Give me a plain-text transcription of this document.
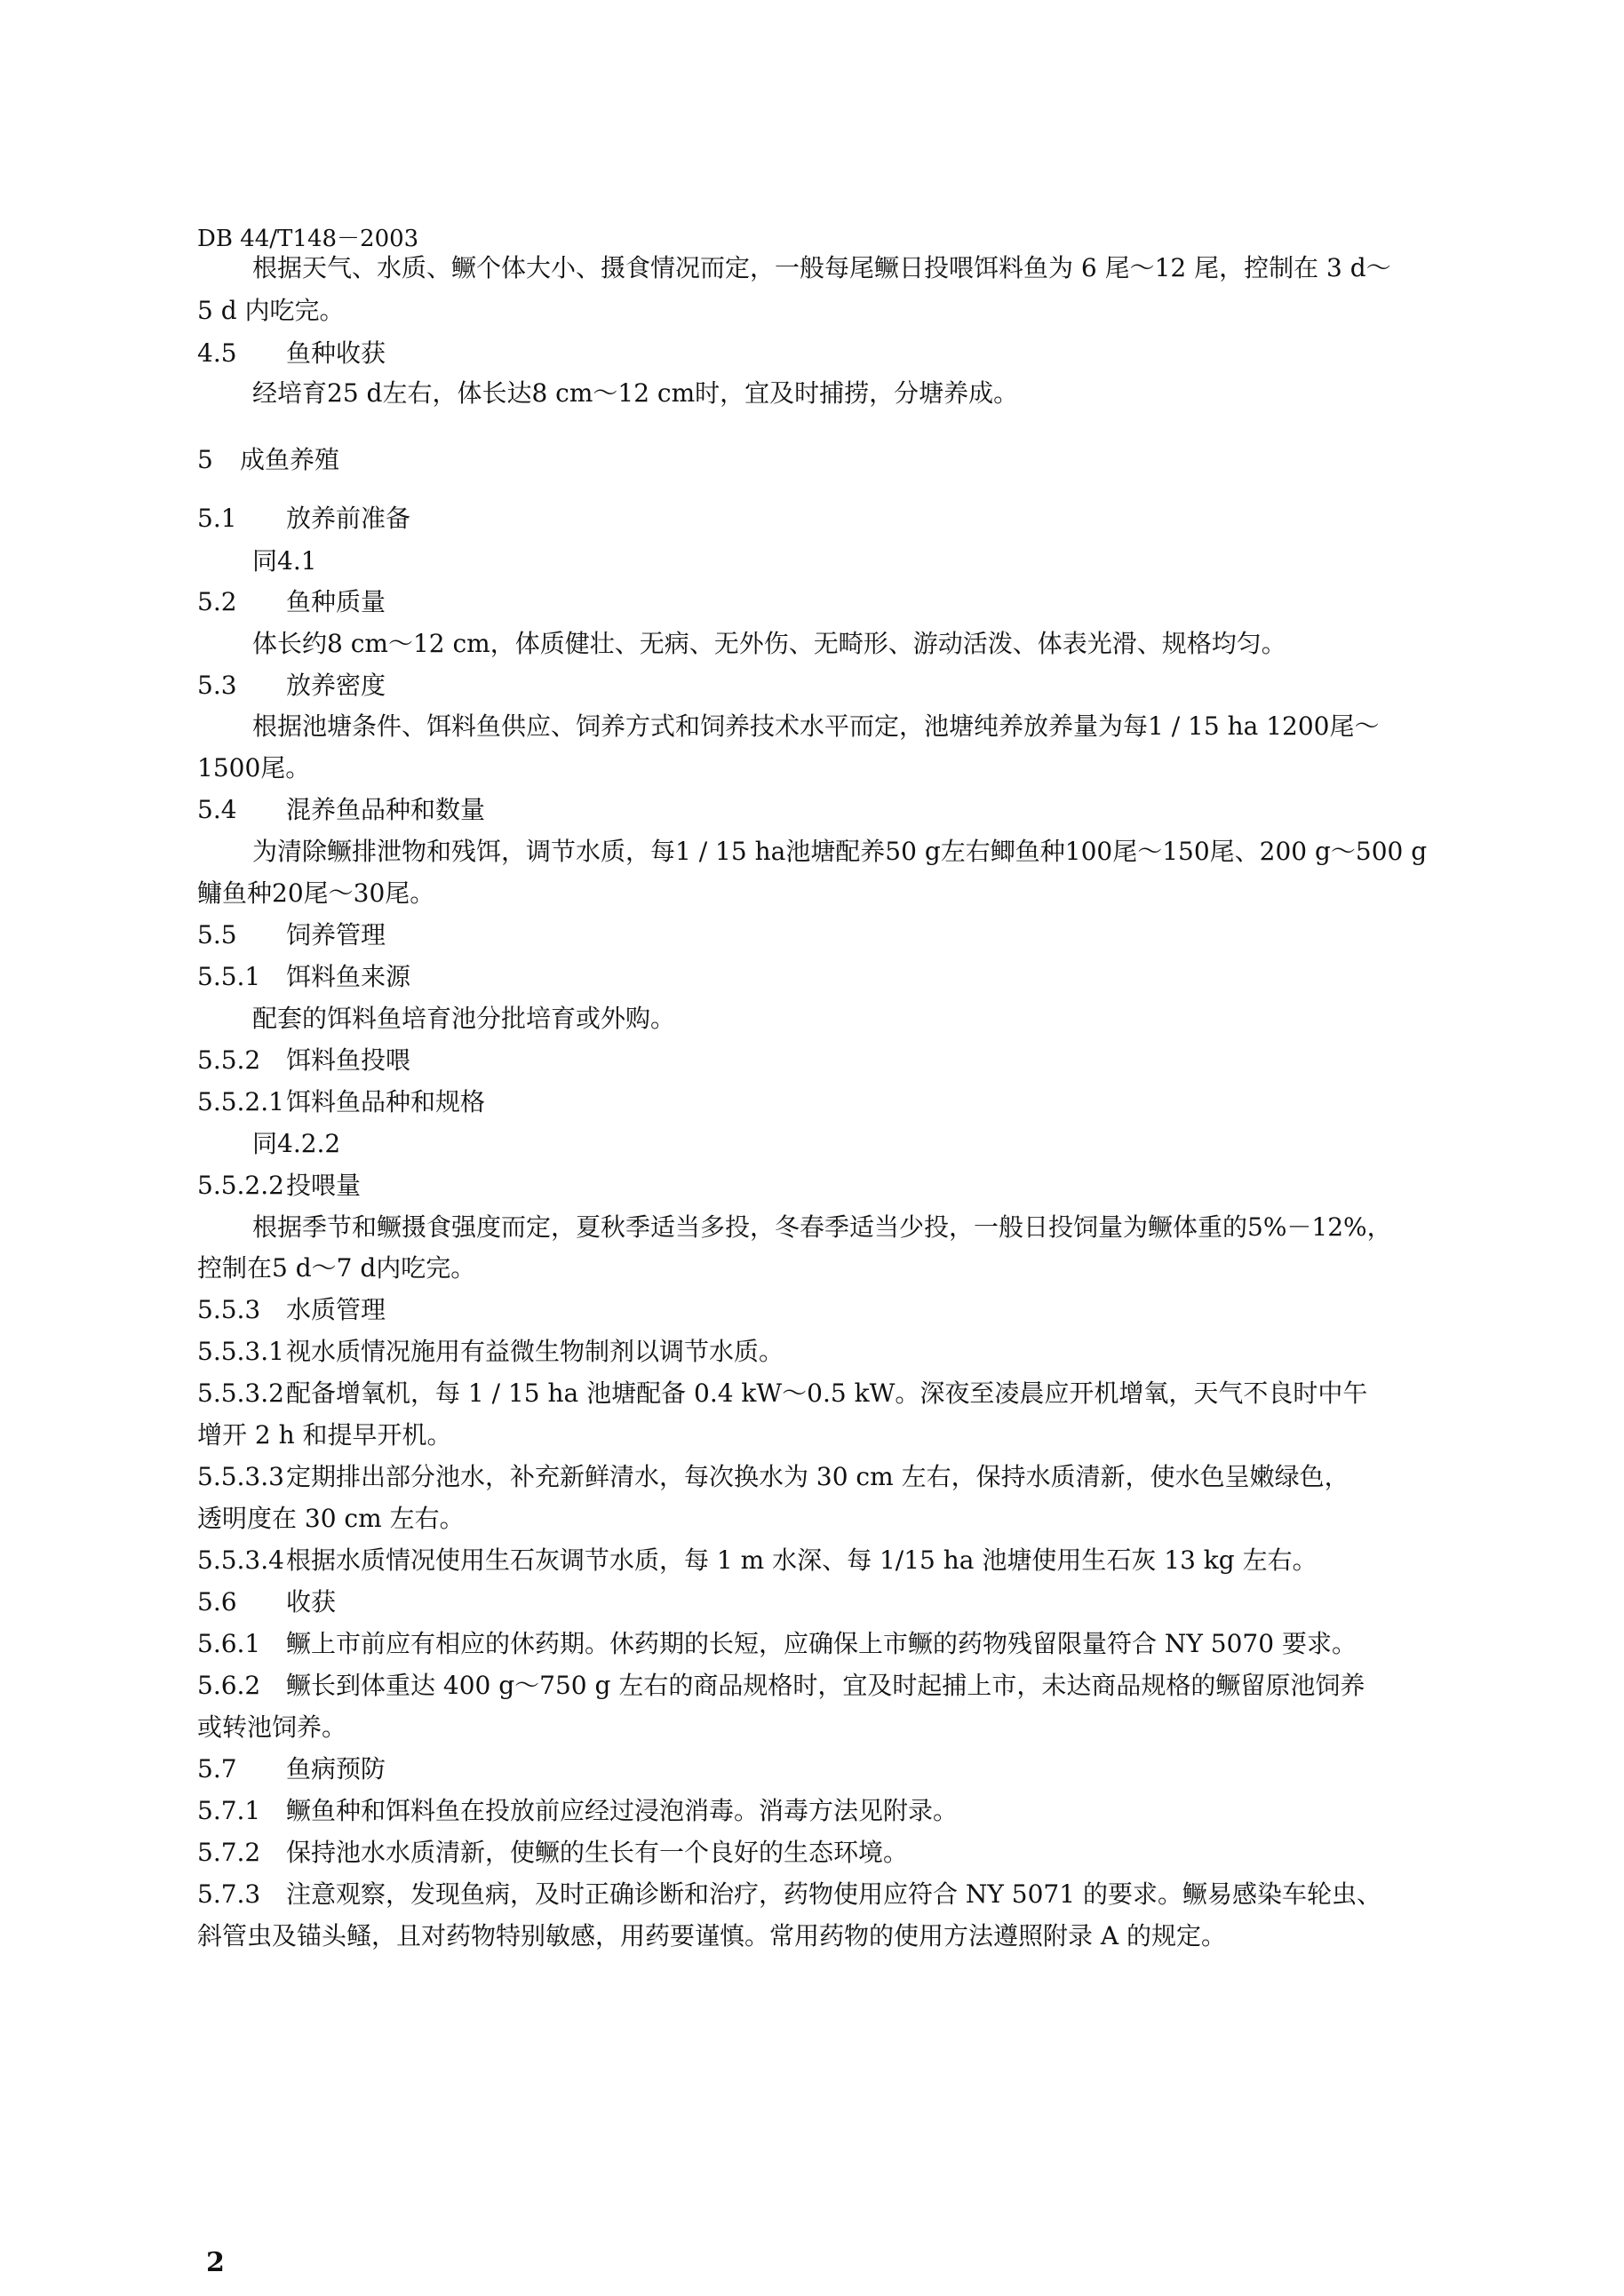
DB 44/T148－2003
根据天气、水质、鳜个体大小、摄食情况而定，一般每尾鳜日投喂饵料鱼为 6 尾～12 尾，控制在 3 d～
5 d 内吃完。
4.5 鱼种收获
经培育25 d左右，体长达8 cm～12 cm时，宜及时捕捞，分塘养成。
5 成鱼养殖
5.1 放养前准备
同4.1
5.2 鱼种质量
体长约8 cm～12 cm，体质健壮、无病、无外伤、无畸形、游动活泼、体表光滑、规格均匀。
5.3 放养密度
根据池塘条件、饵料鱼供应、饲养方式和饲养技术水平而定，池塘纯养放养量为每1 / 15 ha 1200尾～
1500尾。
5.4 混养鱼品种和数量
为清除鳜排泄物和残饵，调节水质，每1 / 15 ha池塘配养50 g左右鲫鱼种100尾～150尾、200 g～500 g
鳙鱼种20尾～30尾。
5.5 饲养管理
5.5.1 饵料鱼来源
配套的饵料鱼培育池分批培育或外购。
5.5.2 饵料鱼投喂
5.5.2.1饵料鱼品种和规格
同4.2.2
5.5.2.2投喂量
根据季节和鳜摄食强度而定，夏秋季适当多投，冬春季适当少投，一般日投饲量为鳜体重的5%－12%，
控制在5 d～7 d内吃完。
5.5.3 水质管理
5.5.3.1视水质情况施用有益微生物制剂以调节水质。
5.5.3.2配备增氧机，每 1 / 15 ha 池塘配备 0.4 kW～0.5 kW。深夜至凌晨应开机增氧，天气不良时中午
增开 2 h 和提早开机。
5.5.3.3定期排出部分池水，补充新鲜清水，每次换水为 30 cm 左右，保持水质清新，使水色呈嫩绿色，
透明度在 30 cm 左右。
5.5.3.4根据水质情况使用生石灰调节水质，每 1 m 水深、每 1/15 ha 池塘使用生石灰 13 kg 左右。
5.6 收获
5.6.1 鳜上市前应有相应的休药期。休药期的长短，应确保上市鳜的药物残留限量符合 NY 5070 要求。
5.6.2 鳜长到体重达 400 g～750 g 左右的商品规格时，宜及时起捕上市，未达商品规格的鳜留原池饲养
或转池饲养。
5.7 鱼病预防
5.7.1 鳜鱼种和饵料鱼在投放前应经过浸泡消毒。消毒方法见附录。
5.7.2 保持池水水质清新，使鳜的生长有一个良好的生态环境。
5.7.3 注意观察，发现鱼病，及时正确诊断和治疗，药物使用应符合 NY 5071 的要求。鳜易感染车轮虫、
斜管虫及锚头鳋，且对药物特别敏感，用药要谨慎。常用药物的使用方法遵照附录 A 的规定。
2
